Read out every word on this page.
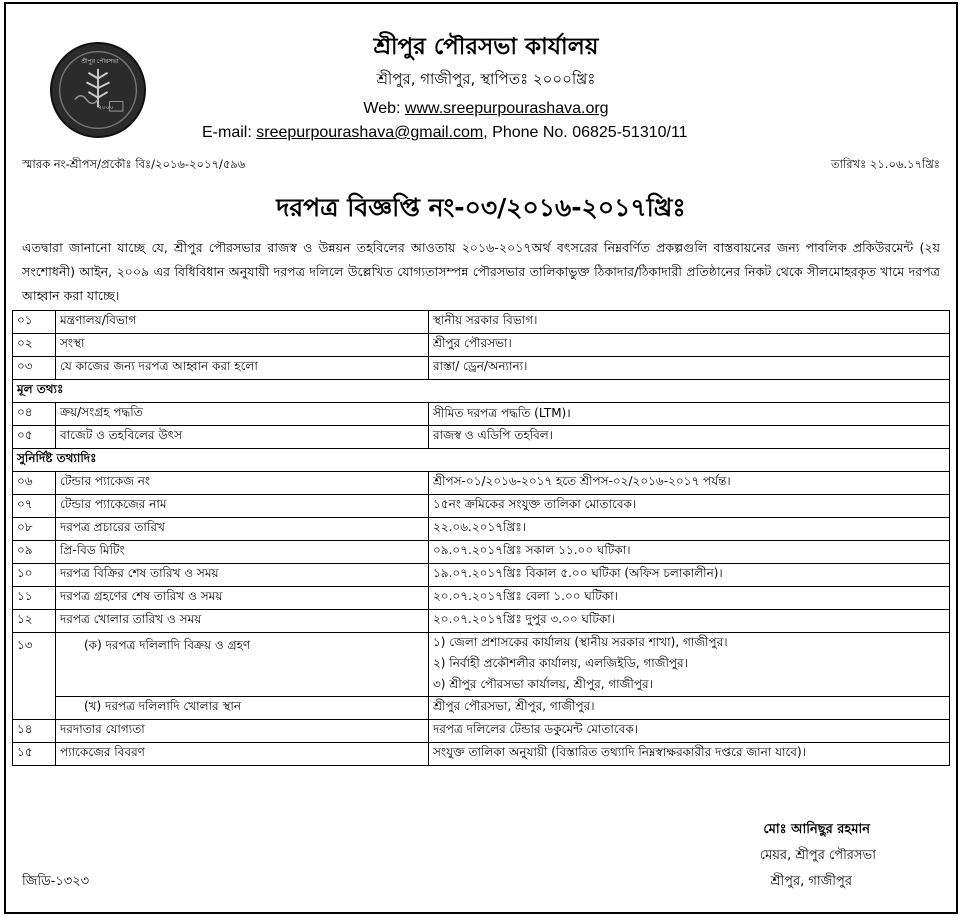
শ্রীপুর পৌরসভা
২০০০
শ্রীপুর পৌরসভা কার্যালয়
শ্রীপুর, গাজীপুর, স্থাপিতঃ ২০০০খ্রিঃ
Web: www.sreepurpourashava.org
E-mail: sreepurpourashava@gmail.com, Phone No. 06825-51310/11
স্মারক নং-শ্রীপস/প্রকৌঃ বিঃ/২০১৬-২০১৭/৫৯৬	তারিখঃ ২১.০৬.১৭খ্রিঃ
দরপত্র বিজ্ঞপ্তি নং-০৩/২০১৬-২০১৭খ্রিঃ
এতদ্বারা জানানো যাচ্ছে যে, শ্রীপুর পৌরসভার রাজস্ব ও উন্নয়ন তহবিলের আওতায় ২০১৬-২০১৭অর্থ বৎসরের নিম্নবর্ণিত প্রকল্পগুলি বাস্তবায়নের জন্য পাবলিক প্রকিউরমেন্ট (২য় সংশোধনী) আইন, ২০০৯ এর বিধিবিধান অনুযায়ী দরপত্র দলিলে উল্লেখিত যোগ্যতাসম্পন্ন পৌরসভার তালিকাভুক্ত ঠিকাদার/ঠিকাদারী প্রতিষ্ঠানের নিকট থেকে সীলমোহরকৃত খামে দরপত্র আহ্বান করা যাচ্ছে।
০১	মন্ত্রণালয়/বিভাগ	স্থানীয় সরকার বিভাগ।
০২	সংস্থা	শ্রীপুর পৌরসভা।
০৩	যে কাজের জন্য দরপত্র আহ্বান করা হলো	রাস্তা/ ড্রেন/অন্যান্য।
মূল তথ্যঃ		
০৪	ক্রয়/সংগ্রহ পদ্ধতি	সীমিত দরপত্র পদ্ধতি (LTM)।
০৫	বাজেট ও তহবিলের উৎস	রাজস্ব ও এডিপি তহবিল।
সুনির্দিষ্ট তথ্যাদিঃ		
০৬	টেন্ডার প্যাকেজ নং	শ্রীপস-০১/২০১৬-২০১৭ হতে শ্রীপস-০২/২০১৬-২০১৭ পর্যন্ত।
০৭	টেন্ডার প্যাকেজের নাম	১৫নং ক্রমিকের সংযুক্ত তালিকা মোতাবেক।
০৮	দরপত্র প্রচারের তারিখ	২২.০৬.২০১৭খ্রিঃ।
০৯	প্রি-বিড মিটিং	০৯.০৭.২০১৭খ্রিঃ সকাল ১১.০০ ঘটিকা।
১০	দরপত্র বিক্রির শেষ তারিখ ও সময়	১৯.০৭.২০১৭খ্রিঃ বিকাল ৫.০০ ঘটিকা (অফিস চলাকালীন)।
১১	দরপত্র গ্রহণের শেষ তারিখ ও সময়	২০.০৭.২০১৭খ্রিঃ বেলা ১.০০ ঘটিকা।
১২	দরপত্র খোলার তারিখ ও সময়	২০.০৭.২০১৭খ্রিঃ দুপুর ৩.০০ ঘটিকা।
১৩	(ক) দরপত্র দলিলাদি বিক্রয় ও গ্রহণ	১) জেলা প্রশাসকের কার্যালয় (স্থানীয় সরকার শাখা), গাজীপুর।
		২) নির্বাহী প্রকৌশলীর কার্যালয়, এলজিইডি, গাজীপুর।
		৩) শ্রীপুর পৌরসভা কার্যালয়, শ্রীপুর, গাজীপুর।
	(খ) দরপত্র দলিলাদি খোলার স্থান	শ্রীপুর পৌরসভা, শ্রীপুর, গাজীপুর।
১৪	দরদাতার যোগ্যতা	দরপত্র দলিলের টেন্ডার ডকুমেন্ট মোতাবেক।
১৫	প্যাকেজের বিবরণ	সংযুক্ত তালিকা অনুযায়ী (বিস্তারিত তথ্যাদি নিম্নস্বাক্ষরকারীর দপ্তরে জানা যাবে)।
মোঃ আনিছুর রহমান
মেয়র, শ্রীপুর পৌরসভা
শ্রীপুর, গাজীপুর
জিডি-১৩২৩
